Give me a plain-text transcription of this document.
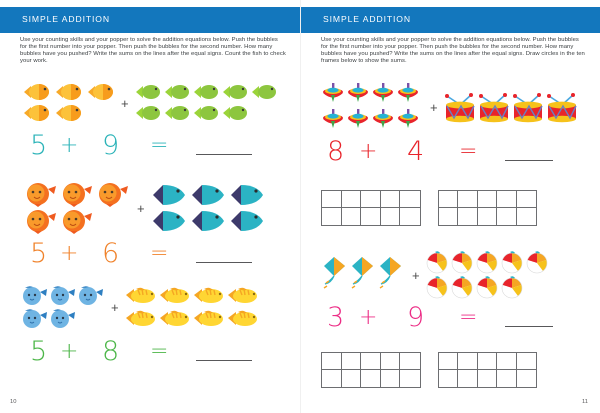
SIMPLE ADDITION

Use your counting skills and your popper to solve the addition equations below. Push the bubbles for the first number into your popper. Then push the bubbles for the second number. How many bubbles have you pushed? Write the sums on the lines after the equal signs. Count the fish to check your work.

+
5 + 9	=
+
5 + 6	=
+
5 + 8	=
10
SIMPLE ADDITION

Use your counting skills and your popper to solve the addition equations below. Push the bubbles for the first number into your popper. Then push the bubbles for the second number. How many bubbles have you pushed? Write the sums on the lines after the equal signs. Draw circles in the ten frames below to show the sums.

+
8 +	4	=
+
3 +	9	=
11
